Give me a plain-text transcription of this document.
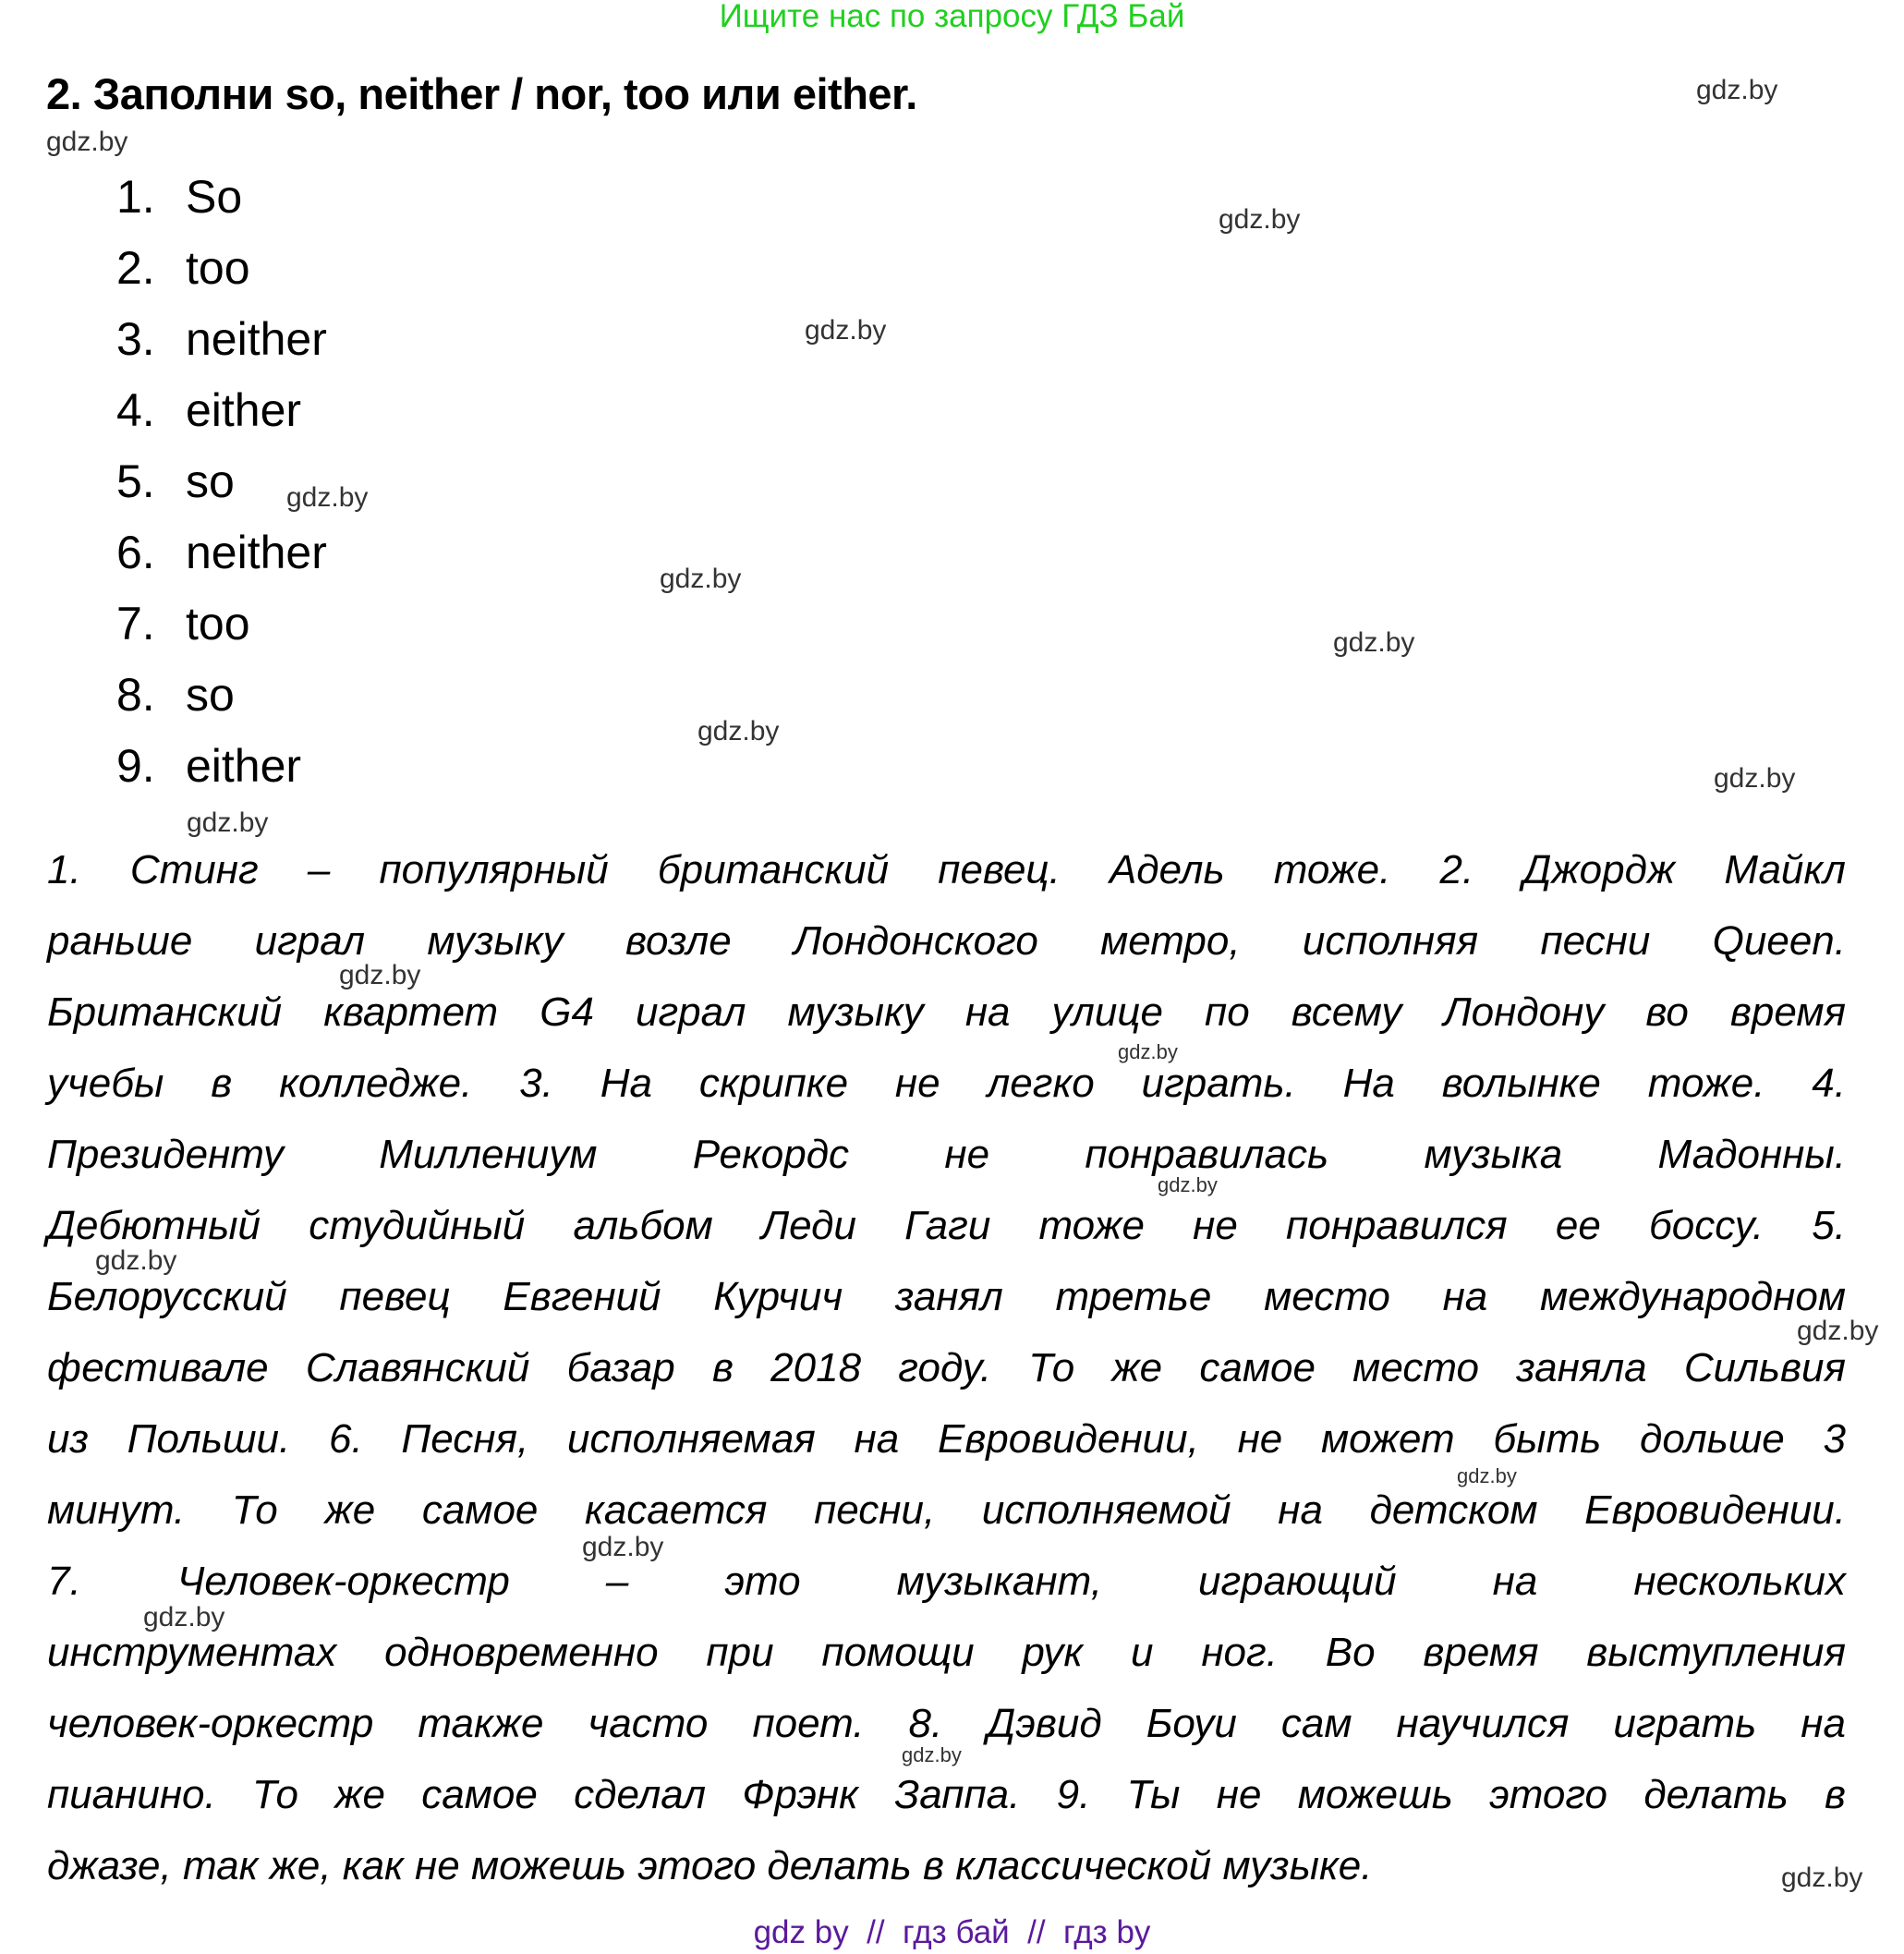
Ищите нас по запросу ГДЗ Бай
2. Заполни so, neither / nor, too или either.
1. So
2. too
3. neither
4. either
5. so
6. neither
7. too
8. so
9. either
1. Стинг – популярный британский певец. Адель тоже. 2. Джордж Майкл
раньше играл музыку возле Лондонского метро, исполняя песни Queen.
Британский квартет G4 играл музыку на улице по всему Лондону во время
учебы в колледже. 3. На скрипке не легко играть. На волынке тоже. 4.
Президенту Миллениум Рекордс не понравилась музыка Мадонны.
Дебютный студийный альбом Леди Гаги тоже не понравился ее боссу. 5.
Белорусский певец Евгений Курчич занял третье место на международном
фестивале Славянский базар в 2018 году. То же самое место заняла Сильвия
из Польши. 6. Песня, исполняемая на Евровидении, не может быть дольше 3
минут. То же самое касается песни, исполняемой на детском Евровидении.
7. Человек-оркестр – это музыкант, играющий на нескольких
инструментах одновременно при помощи рук и ног. Во время выступления
человек-оркестр также часто поет. 8. Дэвид Боуи сам научился играть на
пианино. То же самое сделал Фрэнк Заппа. 9. Ты не можешь этого делать в
джазе, так же, как не можешь этого делать в классической музыке.
gdz.by
gdz.by
gdz.by
gdz.by
gdz.by
gdz.by
gdz.by
gdz.by
gdz.by
gdz.by
gdz.by
gdz.by
gdz.by
gdz.by
gdz.by
gdz.by
gdz.by
gdz.by
gdz.by
gdz.by
gdz by  //  гдз бай  //  гдз by
